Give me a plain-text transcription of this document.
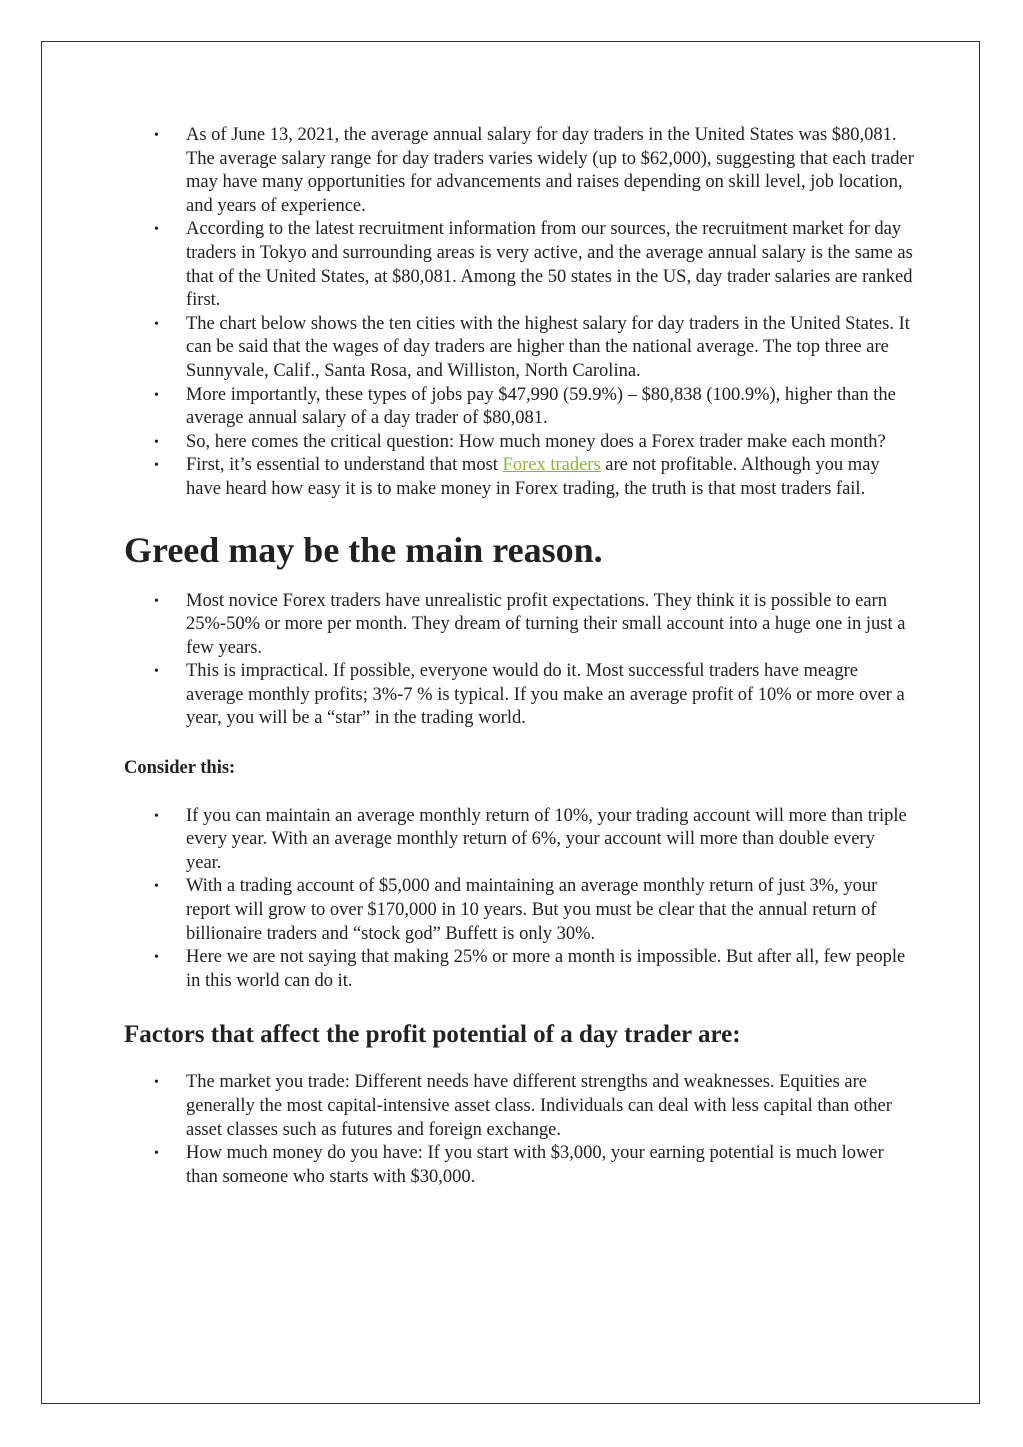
• As of June 13, 2021, the average annual salary for day traders in the United States was $80,081. The average salary range for day traders varies widely (up to $62,000), suggesting that each trader may have many opportunities for advancements and raises depending on skill level, job location, and years of experience.
• According to the latest recruitment information from our sources, the recruitment market for day traders in Tokyo and surrounding areas is very active, and the average annual salary is the same as that of the United States, at $80,081. Among the 50 states in the US, day trader salaries are ranked first.
• The chart below shows the ten cities with the highest salary for day traders in the United States. It can be said that the wages of day traders are higher than the national average. The top three are Sunnyvale, Calif., Santa Rosa, and Williston, North Carolina.
• More importantly, these types of jobs pay $47,990 (59.9%) – $80,838 (100.9%), higher than the average annual salary of a day trader of $80,081.
• So, here comes the critical question: How much money does a Forex trader make each month?
• First, it’s essential to understand that most Forex traders are not profitable. Although you may have heard how easy it is to make money in Forex trading, the truth is that most traders fail.
Greed may be the main reason.
• Most novice Forex traders have unrealistic profit expectations. They think it is possible to earn 25%-50% or more per month. They dream of turning their small account into a huge one in just a few years.
• This is impractical. If possible, everyone would do it. Most successful traders have meagre average monthly profits; 3%-7 % is typical. If you make an average profit of 10% or more over a year, you will be a “star” in the trading world.
Consider this:
• If you can maintain an average monthly return of 10%, your trading account will more than triple every year. With an average monthly return of 6%, your account will more than double every year.
• With a trading account of $5,000 and maintaining an average monthly return of just 3%, your report will grow to over $170,000 in 10 years. But you must be clear that the annual return of billionaire traders and “stock god” Buffett is only 30%.
• Here we are not saying that making 25% or more a month is impossible. But after all, few people in this world can do it.
Factors that affect the profit potential of a day trader are:
• The market you trade: Different needs have different strengths and weaknesses. Equities are generally the most capital-intensive asset class. Individuals can deal with less capital than other asset classes such as futures and foreign exchange.
• How much money do you have: If you start with $3,000, your earning potential is much lower than someone who starts with $30,000.
